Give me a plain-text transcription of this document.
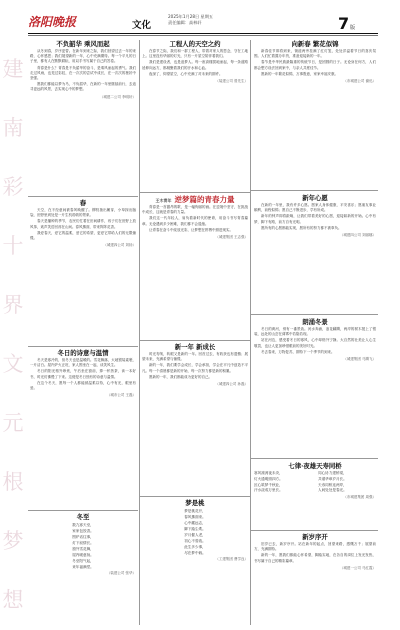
建
南
彩
十
界
文
元
根
梦
想
洛阳晚报	文化
2025年1月28日 星期五
责任编辑：高林轩	7版
不负韶华 乘风而起

从冬到春，岁序更替。在新年到来之际，我们回望过去一年的来路，心怀感恩；我们展望新的一年，心中充满期待。每一个平凡的日子里，都有人在默默耕耘，用双手书写属于自己的答卷。

青春是什么？青春是不负韶华的奋斗，是乘风而起的勇气。我们走过风雨，也见过彩虹，在一次次的尝试中成长，在一次次的挫折中坚强。

愿我们都能以梦为马，不负韶华，在新的一年里继续前行，去追寻更远的风景，去实现心中的梦想。

（城建二公司 李明轩）
春

天空，在不经意间被春风唤醒了。柳枝抽出嫩芽，小草探出脑袋，田野里到处是一片生机勃勃的景象。

春天是播种的季节，农民们忙着在田间耕作，孩子们在田野上放风筝，欢声笑语回荡在山间。春风拂面，带来阵阵花香。

我爱春天，爱它的温柔，爱它的希望，更爱它带给人们的无限憧憬。

（城建四公司 刘扬）
冬日的诗意与温情

冬天是寒冷的，但冬天也是温暖的。雪花飘落，大地银装素裹，一片洁白。屋内炉火正旺，家人围坐在一起，谈笑风生。

冬日的阳光格外珍贵，午后坐在窗前，捧一杯热茶，读一本好书，时光仿佛慢了下来。这便是冬日独有的诗意与温情。

在这个冬天，愿每一个人都能被温柔以待，心中有光，眼里有爱。

（城市公司 王磊）
冬至
数九寒天至，
家家包饺香。
围炉话往事，
灯下叙情长。
窗外雪花舞，
屋内暖意扬。
冬至阳气起，
来年福满堂。
（装建公司 张华）
工程人的天空之约

在春节之际，我们和一群工程人，带着对家人的思念，守在工地上。这里没有华丽的灯光，只有一片星空陪伴着我们。

我们是建设者，也是追梦人。每一座高楼拔地而起，每一条道路延伸向远方，都凝聚着我们的汗水和心血。

夜深了，仰望星空，心中充满了对未来的期许。

（装建公司 曾先生）
王木青年 逆梦篇的青春力量

青春是一首激昂的歌，是一幅绚丽的画。在逆境中坚守，在挑战中成长，这就是青春的力量。

我们这一代年轻人，肩负着新时代的使命，用奋斗书写青春篇章。无论遇到多少困难，我们都不会退缩。

让青春在奋斗中绽放光彩，让梦想在拼搏中照进现实。

（城建集团 王志强）
新一年 新成长

时光匆匆，转眼又是新的一年。回首过去，有收获也有遗憾；展望未来，充满希望与憧憬。

新的一年，我们要学会成长，学会承担，学会在平凡中创造不平凡。每一个清晨都是新的开始，每一次努力都是新的积累。

愿新的一年，我们都能成为更好的自己。

（城建四公司 孙磊）
梦是桃
梦是桃花开，
春风拂面来。
心中藏远志，
脚下踏尘埃。
岁月催人老，
初心不曾改。
此生多少事，
尽在梦中载。
（工建集团 曹学良）
向新春 繁花似锦

新春佳节即将到来，街道两旁挂满了红灯笼，处处洋溢着节日的喜庆氛围。人们忙着置办年货，准备迎接新的一年。

春节是中华民族最隆重的传统节日，是团圆的日子。无论身在何方，人们都会想方设法回到家中，与亲人共度佳节。

愿新的一年繁花似锦，万事胜意，家家幸福安康。

（市城建公司 谢迅）
新年心愿

在新的一年里，我有许多心愿。愿家人身体健康，平安喜乐；愿朋友事业顺利，前程似锦；愿自己不断进步，学有所成。

新年的钟声即将敲响，让我们带着美好的心愿，迎接崭新的开始。心中有梦，脚下有路，前方自有光明。

愿所有的心愿都能实现，愿所有的努力都不被辜负。

（城建四公司 刘丽娜）
朗涌冬景

冬日的黄河，别有一番景致。河水奔涌，浪花翻腾，两岸的树木披上了银装，远处的山峦在薄雾中若隐若现。

站在河边，感受着冬日的寒风，心中却格外宁静。大自然的壮美让人心生敬畏，也让人更加珍惜眼前的美好时光。

冬去春来，万物复苏，期待下一个季节的到来。

（城建集团 马腾飞）
七律·夜雄天寿同桥
寒风凛冽夜未央，
灯火通明照四方。
匠心筑梦千秋业，
汗水浇成万里长。
同心协力建桥梁，
共谱华章岁月长。
天寿同桥连两岸，
人间处处是春光。
（市城建集团 周强）
新岁序开

旧岁已去，新岁序开。站在新年的起点，回望来路，感慨万千；展望前方，充满期待。

新的一年，愿我们都能心怀希望，脚踏实地，在各自的岗位上发光发热，书写属于自己的精彩篇章。

（城建一公司 马红霞）
